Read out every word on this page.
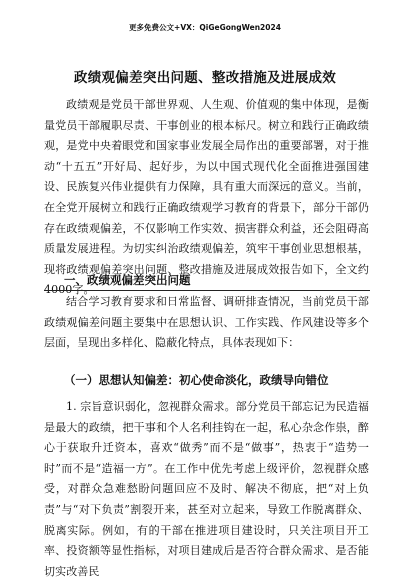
更多免费公文+VX：QiGeGongWen2024
政绩观偏差突出问题、整改措施及进展成效

政绩观是党员干部世界观、人生观、价值观的集中体现，是衡量党员干部履职尽责、干事创业的根本标尺。树立和践行正确政绩观，是党中央着眼党和国家事业发展全局作出的重要部署，对于推动“十五五”开好局、起好步，为以中国式现代化全面推进强国建设、民族复兴伟业提供有力保障，具有重大而深远的意义。当前，在全党开展树立和践行正确政绩观学习教育的背景下，部分干部仍存在政绩观偏差，不仅影响工作实效、损害群众利益，还会阻碍高质量发展进程。为切实纠治政绩观偏差，筑牢干事创业思想根基，现将政绩观偏差突出问题、整改措施及进展成效报告如下，全文约4000字。

一、政绩观偏差突出问题

结合学习教育要求和日常监督、调研排查情况，当前党员干部政绩观偏差问题主要集中在思想认识、工作实践、作风建设等多个层面，呈现出多样化、隐蔽化特点，具体表现如下：

（一）思想认知偏差：初心使命淡化，政绩导向错位

1. 宗旨意识弱化，忽视群众需求。部分党员干部忘记为民造福是最大的政绩，把干事和个人名利挂钩在一起，私心杂念作祟，醉心于获取升迁资本，喜欢“做秀”而不是“做事”，热衷于“造势一时”而不是“造福一方”。在工作中优先考虑上级评价，忽视群众感受，对群众急难愁盼问题回应不及时、解决不彻底，把“对上负责”与“对下负责”割裂开来，甚至对立起来，导致工作脱离群众、脱离实际。例如，有的干部在推进项目建设时，只关注项目开工率、投资额等显性指标，对项目建成后是否符合群众需求、是否能切实改善民
